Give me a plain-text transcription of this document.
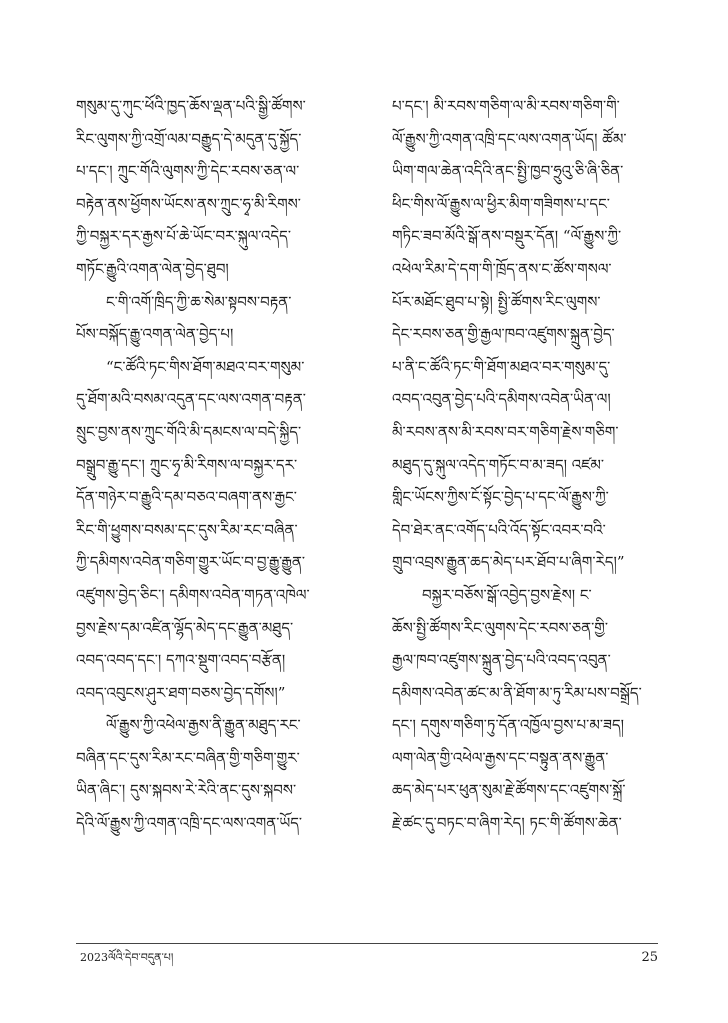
གསུམ་དུ་ཀུང་ཕོའི་ཁྱད་ཆོས་ལྡན་པའི་སྒྱི་ཚོགས་
རིང་ལུགས་ཀྱི་འགྲོ་ལམ་བརྒྱུད་དེ་མདུན་དུ་སྐྱོད་
པ་དང་། ཀྲུང་གོའི་ལུགས་ཀྱི་དེང་རབས་ཅན་ལ་
བརྟེན་ནས་ཕྱོགས་ཡོངས་ནས་ཀྲུང་ཧྭ་མི་རིགས་
ཀྱི་བསྐྱར་དར་རྒྱས་པོ་ཆེ་ཡོང་བར་སྐུལ་འདེད་
གཏོང་རྒྱུའི་འགན་ལེན་བྱེད་ཐུབ།
ང་གི་འགོ་ཁྲིད་ཀྱི་ཆ་སེམ་སྟབས་བརྟན་
པོས་བསྐོད་རྒྱུ་འགན་ལེན་བྱེད་པ།
“ང་ཚོའི་ཏང་གིས་ཐོག་མཐའ་བར་གསུམ་
དུ་ཐོག་མའི་བསམ་འདུན་དང་ལས་འགན་བརྟན་
སྲུང་བྱས་ནས་ཀྲུང་གོའི་མི་དམངས་ལ་བདེ་སྐྱིད་
བསྒྲུབ་རྒྱུ་དང་། ཀྲུང་ཧྭ་མི་རིགས་ལ་བསྐྱར་དར་
དོན་གཉེར་བ་རྒྱུའི་དམ་བཅའ་བཞག་ནས་རྒྱང་
རིང་གི་ཕྱུགས་བསམ་དང་དུས་རིམ་རང་བཞིན་
ཀྱི་དམིགས་འབེན་གཅིག་གྱུར་ཡོང་བ་བྱ་རྒྱུ་རྒྱུན་
འཛུགས་བྱེད་ཅིང་། དམིགས་འབེན་གཏན་འཁེལ་
བྱས་རྗེས་དམ་འཛིན་ལྷོད་མེད་དང་རྒྱུན་མཐུད་
འབད་འབད་དང་། དཀའ་སྡུག་འབད་བརྩོན།
འབད་འབུངས་ཤུར་ཐག་བཅས་བྱེད་དགོས།”
ལོ་རྒྱུས་ཀྱི་འཕེལ་རྒྱས་ནི་རྒྱུན་མཐུད་རང་
བཞིན་དང་དུས་རིམ་རང་བཞིན་གྱི་གཅིག་གྱུར་
ཡིན་ཞིང་། དུས་སྐབས་རེ་རེའི་ནང་དུས་སྐབས་
དེའི་ལོ་རྒྱུས་ཀྱི་འགན་འཁྲི་དང་ལས་འགན་ཡོད་
པ་དང་། མི་རབས་གཅིག་ལ་མི་རབས་གཅིག་གི་
ལོ་རྒྱུས་ཀྱི་འགན་འཁྲི་དང་ལས་འགན་ཡོད། ཚོམ་
ཡིག་གལ་ཆེན་འདིའི་ནང་སྤྱི་ཁྱབ་ཧྲུའུ་ཅི་ཞི་ཅིན་
ཕིང་གིས་ལོ་རྒྱུས་ལ་ཕྱིར་མིག་གཟིགས་པ་དང་
གཏིང་ཟབ་མོའི་སྒོ་ནས་བསྡུར་དོན། “ལོ་རྒྱུས་ཀྱི་
འཕེལ་རིམ་དེ་དག་གི་ཁྲོད་ནས་ང་ཚོས་གསལ་
པོར་མཐོང་ཐུབ་པ་སྟེ། སྤྱི་ཚོགས་རིང་ལུགས་
དེང་རབས་ཅན་གྱི་རྒྱལ་ཁབ་འཛུགས་སྐྲུན་བྱེད་
པ་ནི་ང་ཚོའི་ཏང་གི་ཐོག་མཐའ་བར་གསུམ་དུ་
འབད་འབུན་བྱེད་པའི་དམིགས་འབེན་ཡིན་ལ།
མི་རབས་ནས་མི་རབས་བར་གཅིག་རྗེས་གཅིག་
མཐུད་དུ་སྐུལ་འདེད་གཏོང་བ་མ་ཟད། འཛམ་
གླིང་ཡོངས་ཀྱིས་ངོ་སྟོང་བྱེད་པ་དང་ལོ་རྒྱུས་ཀྱི་
དེབ་ཐེར་ནང་འགོད་པའི་འོད་སྟོང་འབར་བའི་
གྲུབ་འབྲས་རྒྱུན་ཆད་མེད་པར་ཐོབ་པ་ཞིག་རེད།”
བསྐྱར་བཅོས་སྒོ་འབྱེད་བྱས་རྗེས། ང་
ཆོས་སྤྱི་ཚོགས་རིང་ལུགས་དེང་རབས་ཅན་གྱི་
རྒྱལ་ཁབ་འཛུགས་སྐྲུན་བྱེད་པའི་འབད་འབུན་
དམིགས་འབེན་ཚང་མ་ནི་ཐོག་མ་ཏུ་རིམ་པས་བསྒྲོད་
དང་། དགུས་གཅིག་ཏུ་དོན་འཁྱོལ་བྱས་པ་མ་ཟད།
ལག་ལེན་གྱི་འཕེལ་རྒྱས་དང་བསྟུན་ནས་རྒྱུན་
ཆད་མེད་པར་ཕུན་སུམ་རྗེ་ཚོགས་དང་འཛུགས་སྐྲོ་
རྗེ་ཚང་དུ་བཏང་བ་ཞིག་རེད། ཏང་གི་ཚོགས་ཆེན་
2023ལོའི་དེབ་བདུན་པ།	25
